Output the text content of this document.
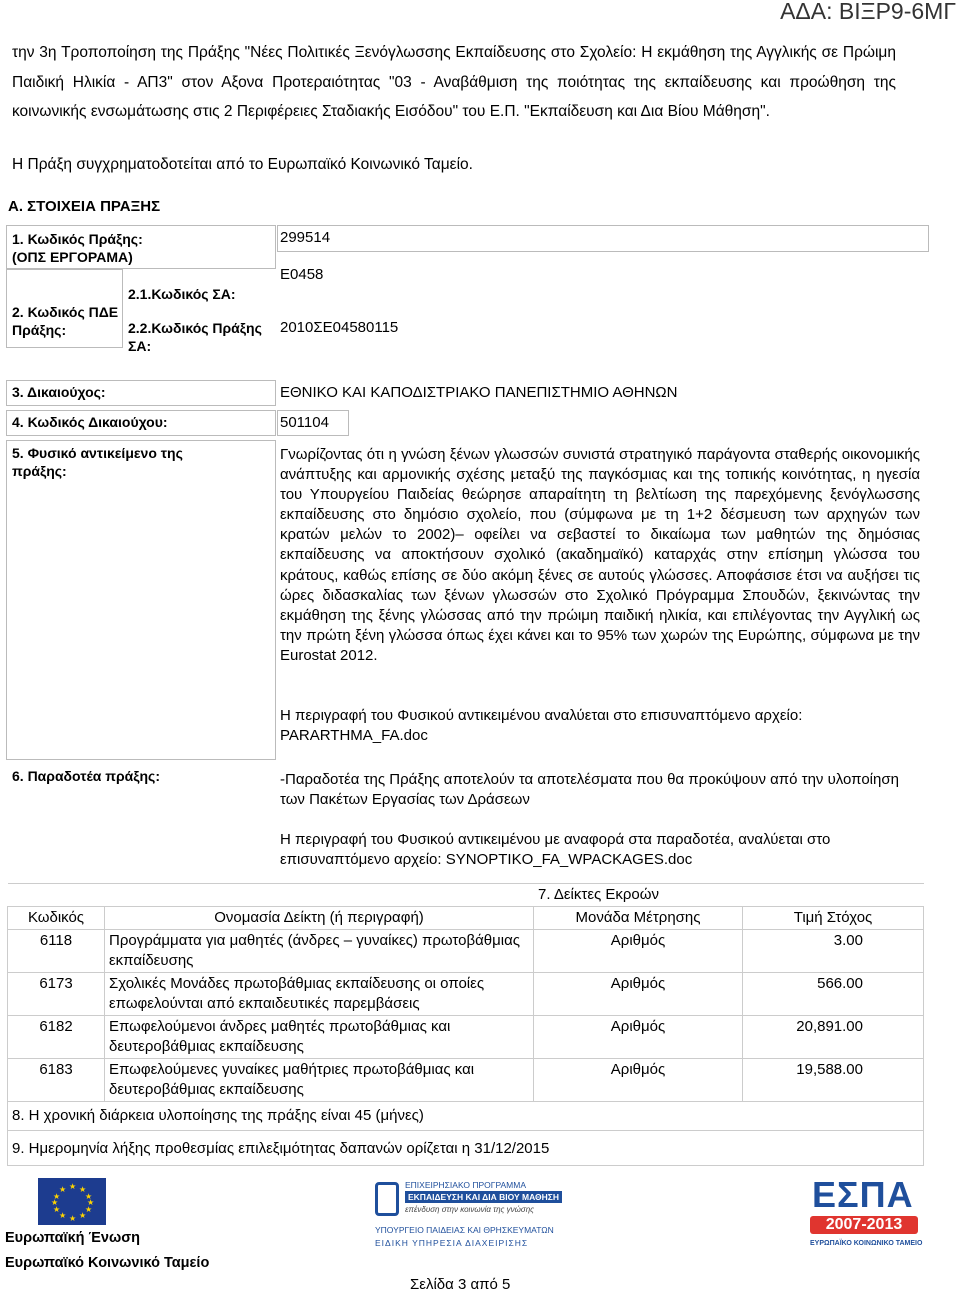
ΑΔΑ: ΒΙΞΡ9-6ΜΓ
την 3η Τροποποίηση της Πράξης "Νέες Πολιτικές Ξενόγλωσσης Εκπαίδευσης στο Σχολείο: Η εκμάθηση της Αγγλικής σε Πρώιμη Παιδική Ηλικία - ΑΠ3" στον Αξονα Προτεραιότητας "03 - Αναβάθμιση της ποιότητας της εκπαίδευσης και προώθηση της κοινωνικής ενσωμάτωσης στις 2 Περιφέρειες Σταδιακής Εισόδου" του Ε.Π. "Εκπαίδευση και Δια Βίου Μάθηση".
Η Πράξη συγχρηματοδοτείται από το Ευρωπαϊκό Κοινωνικό Ταμείο.
Α. ΣΤΟΙΧΕΙΑ ΠΡΑΞΗΣ
1. Κωδικός Πράξης:
(ΟΠΣ ΕΡΓΟΡΑΜΑ)
299514
2. Κωδικός ΠΔΕ
Πράξης:
2.1.Κωδικός ΣΑ:
Ε0458
2.2.Κωδικός Πράξης
ΣΑ:
2010ΣΕ04580115
3. Δικαιούχος:	ΕΘΝΙΚΟ ΚΑΙ ΚΑΠΟΔΙΣΤΡΙΑΚΟ ΠΑΝΕΠΙΣΤΗΜΙΟ ΑΘΗΝΩΝ
4. Κωδικός Δικαιούχου:	501104
5. Φυσικό αντικείμενο της
πράξης:
Γνωρίζοντας ότι η γνώση ξένων γλωσσών συνιστά στρατηγικό παράγοντα σταθερής οικονομικής ανάπτυξης και αρμονικής σχέσης μεταξύ της παγκόσμιας και της τοπικής κοινότητας, η ηγεσία του Υπουργείου Παιδείας θεώρησε απαραίτητη τη βελτίωση της παρεχόμενης ξενόγλωσσης εκπαίδευσης στο δημόσιο σχολείο, που (σύμφωνα με τη 1+2 δέσμευση των αρχηγών των κρατών μελών το 2002)– οφείλει να σεβαστεί το δικαίωμα των μαθητών της δημόσιας εκπαίδευσης να αποκτήσουν σχολικό (ακαδημαϊκό) καταρχάς στην επίσημη γλώσσα του κράτους, καθώς επίσης σε δύο ακόμη ξένες σε αυτούς γλώσσες. Αποφάσισε έτσι να αυξήσει τις ώρες διδασκαλίας των ξένων γλωσσών στο Σχολικό Πρόγραμμα Σπουδών, ξεκινώντας την εκμάθηση της ξένης γλώσσας από την πρώιμη παιδική ηλικία, και επιλέγοντας την Αγγλική ως την πρώτη ξένη γλώσσα όπως έχει κάνει και το 95% των χωρών της Ευρώπης, σύμφωνα με την Eurostat 2012.
Η περιγραφή του Φυσικού αντικειμένου αναλύεται στο επισυναπτόμενο αρχείο: PARARTHMA_FA.doc
6. Παραδοτέα πράξης:	-Παραδοτέα της Πράξης αποτελούν τα αποτελέσματα που θα προκύψουν από την υλοποίηση των Πακέτων Εργασίας των Δράσεων
Η περιγραφή του Φυσικού αντικειμένου με αναφορά στα παραδοτέα, αναλύεται στο επισυναπτόμενο αρχείο: SYNOPTIKO_FA_WPACKAGES.doc
7. Δείκτες Εκροών			
Κωδικός	Ονομασία Δείκτη (ή περιγραφή)	Μονάδα Μέτρησης	Τιμή Στόχος
6118	Προγράμματα για μαθητές (άνδρες – γυναίκες) πρωτοβάθμιας εκπαίδευσης	Αριθμός	3.00
6173	Σχολικές Μονάδες πρωτοβάθμιας εκπαίδευσης οι οποίες επωφελούνται από εκπαιδευτικές παρεμβάσεις	Αριθμός	566.00
6182	Επωφελούμενοι άνδρες μαθητές πρωτοβάθμιας και δευτεροβάθμιας εκπαίδευσης	Αριθμός	20,891.00
6183	Επωφελούμενες γυναίκες μαθήτριες πρωτοβάθμιας και δευτεροβάθμιας εκπαίδευσης	Αριθμός	19,588.00
8. Η χρονική διάρκεια υλοποίησης της πράξης είναι 45 (μήνες)			
9. Ημερομηνία λήξης προθεσμίας επιλεξιμότητας δαπανών ορίζεται η 31/12/2015			
★ ★
★
★
★
★
★
★
★
★
★
★
Ευρωπαϊκή Ένωση
Ευρωπαϊκό Κοινωνικό Ταμείο
ΕΠΙΧΕΙΡΗΣΙΑΚΟ ΠΡΟΓΡΑΜΜΑ
ΕΚΠΑΙΔΕΥΣΗ ΚΑΙ ΔΙΑ ΒΙΟΥ ΜΑΘΗΣΗ
επένδυση στην κοινωνία της γνώσης
ΥΠΟΥΡΓΕΙΟ ΠΑΙΔΕΙΑΣ ΚΑΙ ΘΡΗΣΚΕΥΜΑΤΩΝ
ΕΙΔΙΚΗ ΥΠΗΡΕΣΙΑ ΔΙΑΧΕΙΡΙΣΗΣ
ΕΣΠΑ
2007-2013
ΕΥΡΩΠΑΪΚΟ ΚΟΙΝΩΝΙΚΟ ΤΑΜΕΙΟ
Σελίδα 3 από 5
